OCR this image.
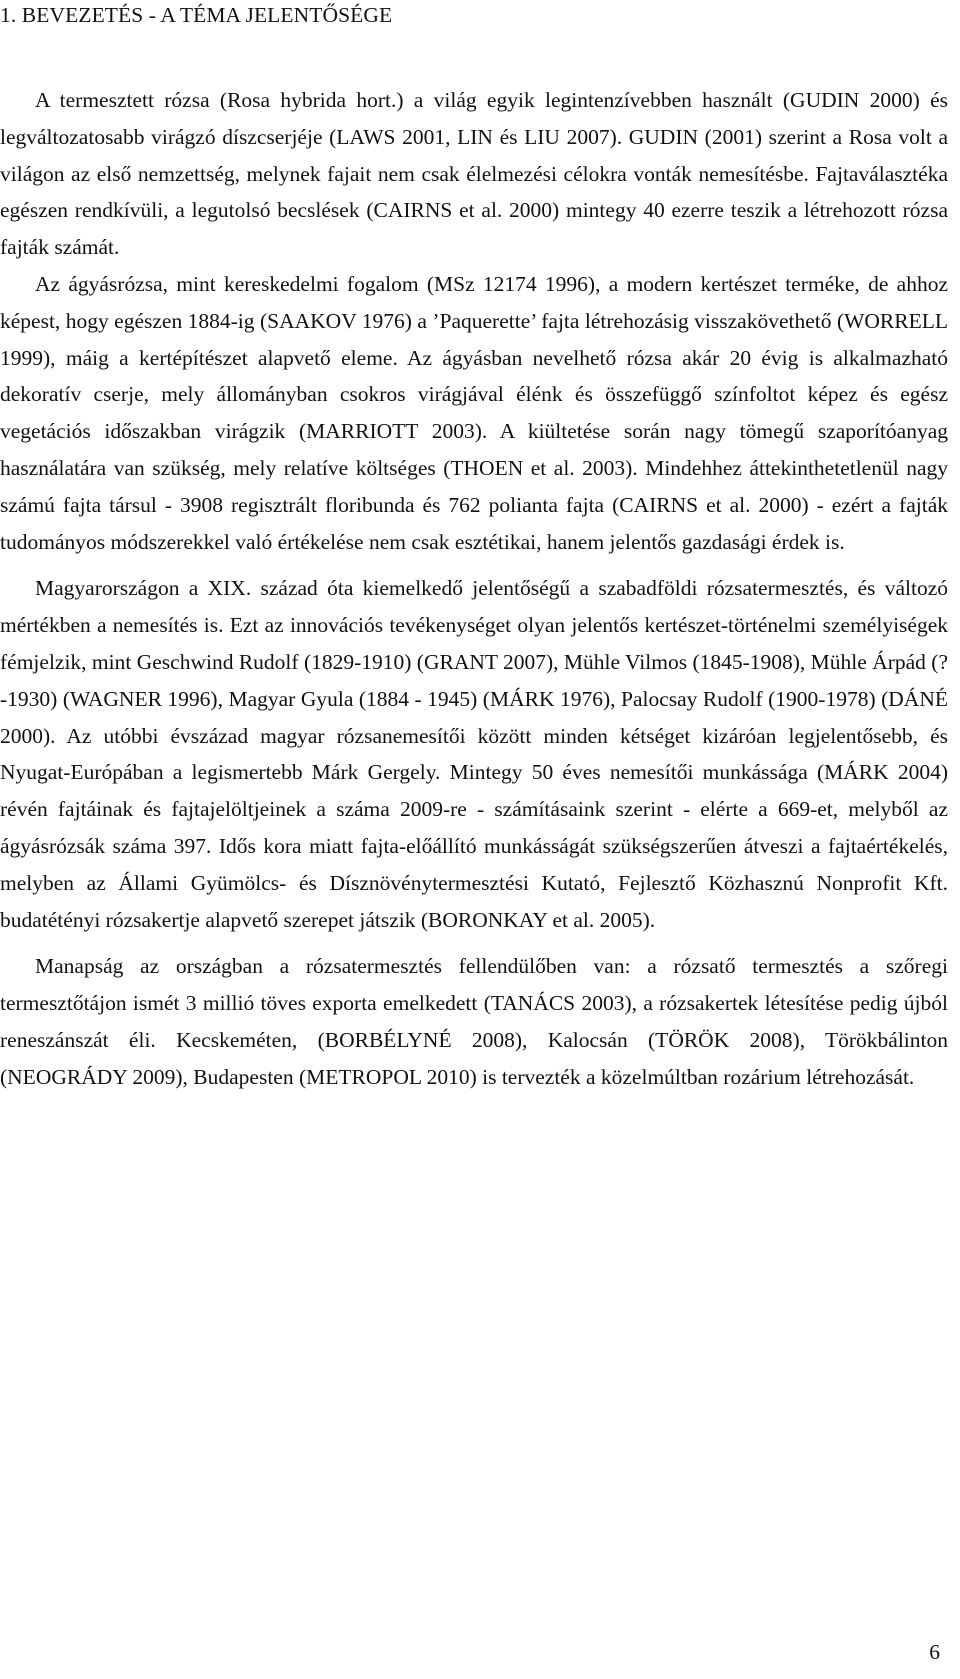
1. BEVEZETÉS - A TÉMA JELENTŐSÉGE

A termesztett rózsa (Rosa hybrida hort.) a világ egyik legintenzívebben használt (GUDIN 2000) és legváltozatosabb virágzó díszcserjéje (LAWS 2001, LIN és LIU 2007). GUDIN (2001) szerint a Rosa volt a világon az első nemzettség, melynek fajait nem csak élelmezési célokra vonták nemesítésbe. Fajtaválasztéka egészen rendkívüli, a legutolsó becslések (CAIRNS et al. 2000) mintegy 40 ezerre teszik a létrehozott rózsa fajták számát.

Az ágyásrózsa, mint kereskedelmi fogalom (MSz 12174 1996), a modern kertészet terméke, de ahhoz képest, hogy egészen 1884-ig (SAAKOV 1976) a ’Paquerette’ fajta létrehozásig visszakövethető (WORRELL 1999), máig a kertépítészet alapvető eleme. Az ágyásban nevelhető rózsa akár 20 évig is alkalmazható dekoratív cserje, mely állományban csokros virágjával élénk és összefüggő színfoltot képez és egész vegetációs időszakban virágzik (MARRIOTT 2003). A kiültetése során nagy tömegű szaporítóanyag használatára van szükség, mely relatíve költséges (THOEN et al. 2003). Mindehhez áttekinthetetlenül nagy számú fajta társul - 3908 regisztrált floribunda és 762 polianta fajta (CAIRNS et al. 2000) - ezért a fajták tudományos módszerekkel való értékelése nem csak esztétikai, hanem jelentős gazdasági érdek is.

Magyarországon a XIX. század óta kiemelkedő jelentőségű a szabadföldi rózsatermesztés, és változó mértékben a nemesítés is. Ezt az innovációs tevékenységet olyan jelentős kertészet-történelmi személyiségek fémjelzik, mint Geschwind Rudolf (1829-1910) (GRANT 2007), Mühle Vilmos (1845-1908), Mühle Árpád (?-1930) (WAGNER 1996), Magyar Gyula (1884 - 1945) (MÁRK 1976), Palocsay Rudolf (1900-1978) (DÁNÉ 2000). Az utóbbi évszázad magyar rózsanemesítői között minden kétséget kizáróan legjelentősebb, és Nyugat-Európában a legismertebb Márk Gergely. Mintegy 50 éves nemesítői munkássága (MÁRK 2004) révén fajtáinak és fajtajelöltjeinek a száma 2009-re - számításaink szerint - elérte a 669-et, melyből az ágyásrózsák száma 397. Idős kora miatt fajta-előállító munkásságát szükségszerűen átveszi a fajtaértékelés, melyben az Állami Gyümölcs- és Dísznövénytermesztési Kutató, Fejlesztő Közhasznú Nonprofit Kft. budatétényi rózsakertje alapvető szerepet játszik (BORONKAY et al. 2005).

Manapság az országban a rózsatermesztés fellendülőben van: a rózsatő termesztés a szőregi termesztőtájon ismét 3 millió töves exporta emelkedett (TANÁCS 2003), a rózsakertek létesítése pedig újból reneszánszát éli. Kecskeméten, (BORBÉLYNÉ 2008), Kalocsán (TÖRÖK 2008), Törökbálinton (NEOGRÁDY 2009), Budapesten (METROPOL 2010) is tervezték a közelmúltban rozárium létrehozását.

6
